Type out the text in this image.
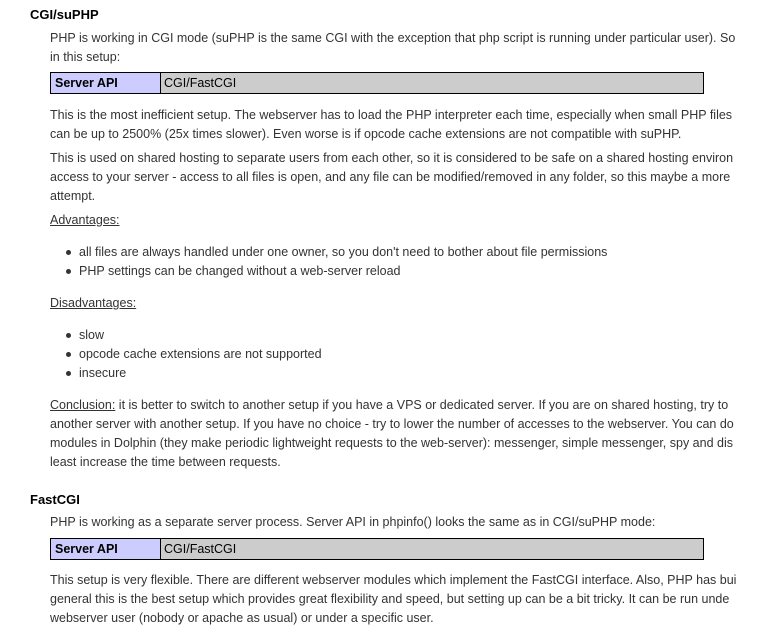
CGI/suPHP
PHP is working in CGI mode (suPHP is the same CGI with the exception that php script is running under particular user). So
in this setup:
Server API	CGI/FastCGI
This is the most inefficient setup. The webserver has to load the PHP interpreter each time, especially when small PHP files
can be up to 2500% (25x times slower). Even worse is if opcode cache extensions are not compatible with suPHP.
This is used on shared hosting to separate users from each other, so it is considered to be safe on a shared hosting environ
access to your server - access to all files is open, and any file can be modified/removed in any folder, so this maybe a more
attempt.
Advantages:
all files are always handled under one owner, so you don't need to bother about file permissions
PHP settings can be changed without a web-server reload
Disadvantages:
slow
opcode cache extensions are not supported
insecure
Conclusion: it is better to switch to another setup if you have a VPS or dedicated server. If you are on shared hosting, try to
another server with another setup. If you have no choice - try to lower the number of accesses to the webserver. You can do
modules in Dolphin (they make periodic lightweight requests to the web-server): messenger, simple messenger, spy and dis
least increase the time between requests.
FastCGI
PHP is working as a separate server process. Server API in phpinfo() looks the same as in CGI/suPHP mode:
Server API	CGI/FastCGI
This setup is very flexible. There are different webserver modules which implement the FastCGI interface. Also, PHP has bui
general this is the best setup which provides great flexibility and speed, but setting up can be a bit tricky. It can be run unde
webserver user (nobody or apache as usual) or under a specific user.
